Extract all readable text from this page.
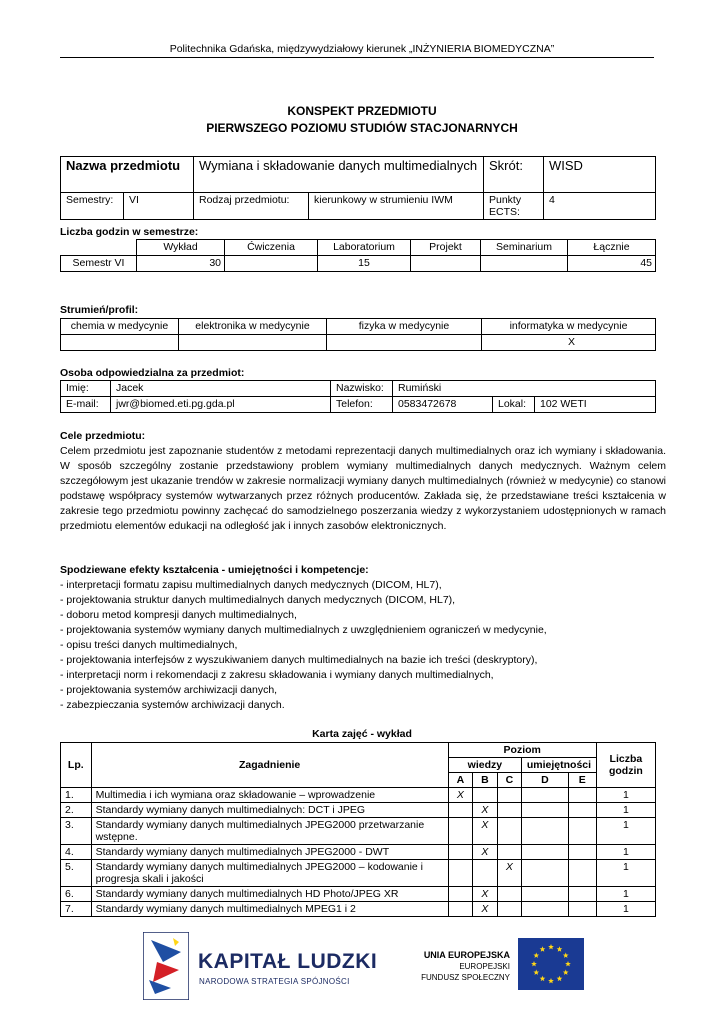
Politechnika Gdańska, międzywydziałowy kierunek „INŻYNIERIA BIOMEDYCZNA”
KONSPEKT PRZEDMIOTU
PIERWSZEGO POZIOMU STUDIÓW STACJONARNYCH
Nazwa przedmiotu		Wymiana i składowanie danych multimedialnych		Skrót:	WISD
Semestry:	VI	Rodzaj przedmiotu:	kierunkowy w strumieniu IWM	Punkty ECTS:	4
Liczba godzin w semestrze:
	Wykład	Ćwiczenia	Laboratorium	Projekt	Seminarium	Łącznie
Semestr VI	30		15			45
Strumień/profil:
chemia w medycynie	elektronika w medycynie	fizyka w medycynie	informatyka w medycynie
			X
Osoba odpowiedzialna za przedmiot:
Imię:	Jacek	Nazwisko:	Rumiński		
E-mail:	jwr@biomed.eti.pg.gda.pl	Telefon:	0583472678	Lokal:	102 WETI
Cele przedmiotu:
Celem przedmiotu jest zapoznanie studentów z metodami reprezentacji danych multimedialnych oraz ich wymiany i składowania. W sposób szczególny zostanie przedstawiony problem wymiany multimedialnych danych medycznych. Ważnym celem szczegółowym jest ukazanie trendów w zakresie normalizacji wymiany danych multimedialnych (również w medycynie) co stanowi podstawę współpracy systemów wytwarzanych przez różnych producentów. Zakłada się, że przedstawiane treści kształcenia w zakresie tego przedmiotu powinny zachęcać do samodzielnego poszerzania wiedzy z wykorzystaniem udostępnionych w ramach przedmiotu elementów edukacji na odległość jak i innych zasobów elektronicznych.
Spodziewane efekty kształcenia - umiejętności i kompetencje:
- interpretacji formatu zapisu multimedialnych danych medycznych (DICOM, HL7),
- projektowania struktur danych multimedialnych danych medycznych (DICOM, HL7),
- doboru metod kompresji danych multimedialnych,
- projektowania systemów wymiany danych multimedialnych z uwzględnieniem ograniczeń w medycynie,
- opisu treści danych multimedialnych,
- projektowania interfejsów z wyszukiwaniem danych multimedialnych na bazie ich treści (deskryptory),
- interpretacji norm i rekomendacji z zakresu składowania i wymiany danych multimedialnych,
- projektowania systemów archiwizacji danych,
- zabezpieczania systemów archiwizacji danych.
Karta zajęć - wykład
Lp.	Zagadnienie	Poziom					Liczba godzin
		wiedzy			umiejętności		
		A	B	C	D	E	
1.	Multimedia i ich wymiana oraz składowanie – wprowadzenie	X					1
2.	Standardy wymiany danych multimedialnych: DCT i JPEG		X				1
3.	Standardy wymiany danych multimedialnych JPEG2000 przetwarzanie wstępne.		X				1
4.	Standardy wymiany danych multimedialnych JPEG2000 - DWT		X				1
5.	Standardy wymiany danych multimedialnych JPEG2000 – kodowanie i progresja skali i jakości			X			1
6.	Standardy wymiany danych multimedialnych HD Photo/JPEG XR		X				1
7.	Standardy wymiany danych multimedialnych MPEG1 i 2		X				1
KAPITAŁ LUDZKI
NARODOWA STRATEGIA SPÓJNOŚCI
UNIA EUROPEJSKA
EUROPEJSKI
FUNDUSZ SPOŁECZNY
